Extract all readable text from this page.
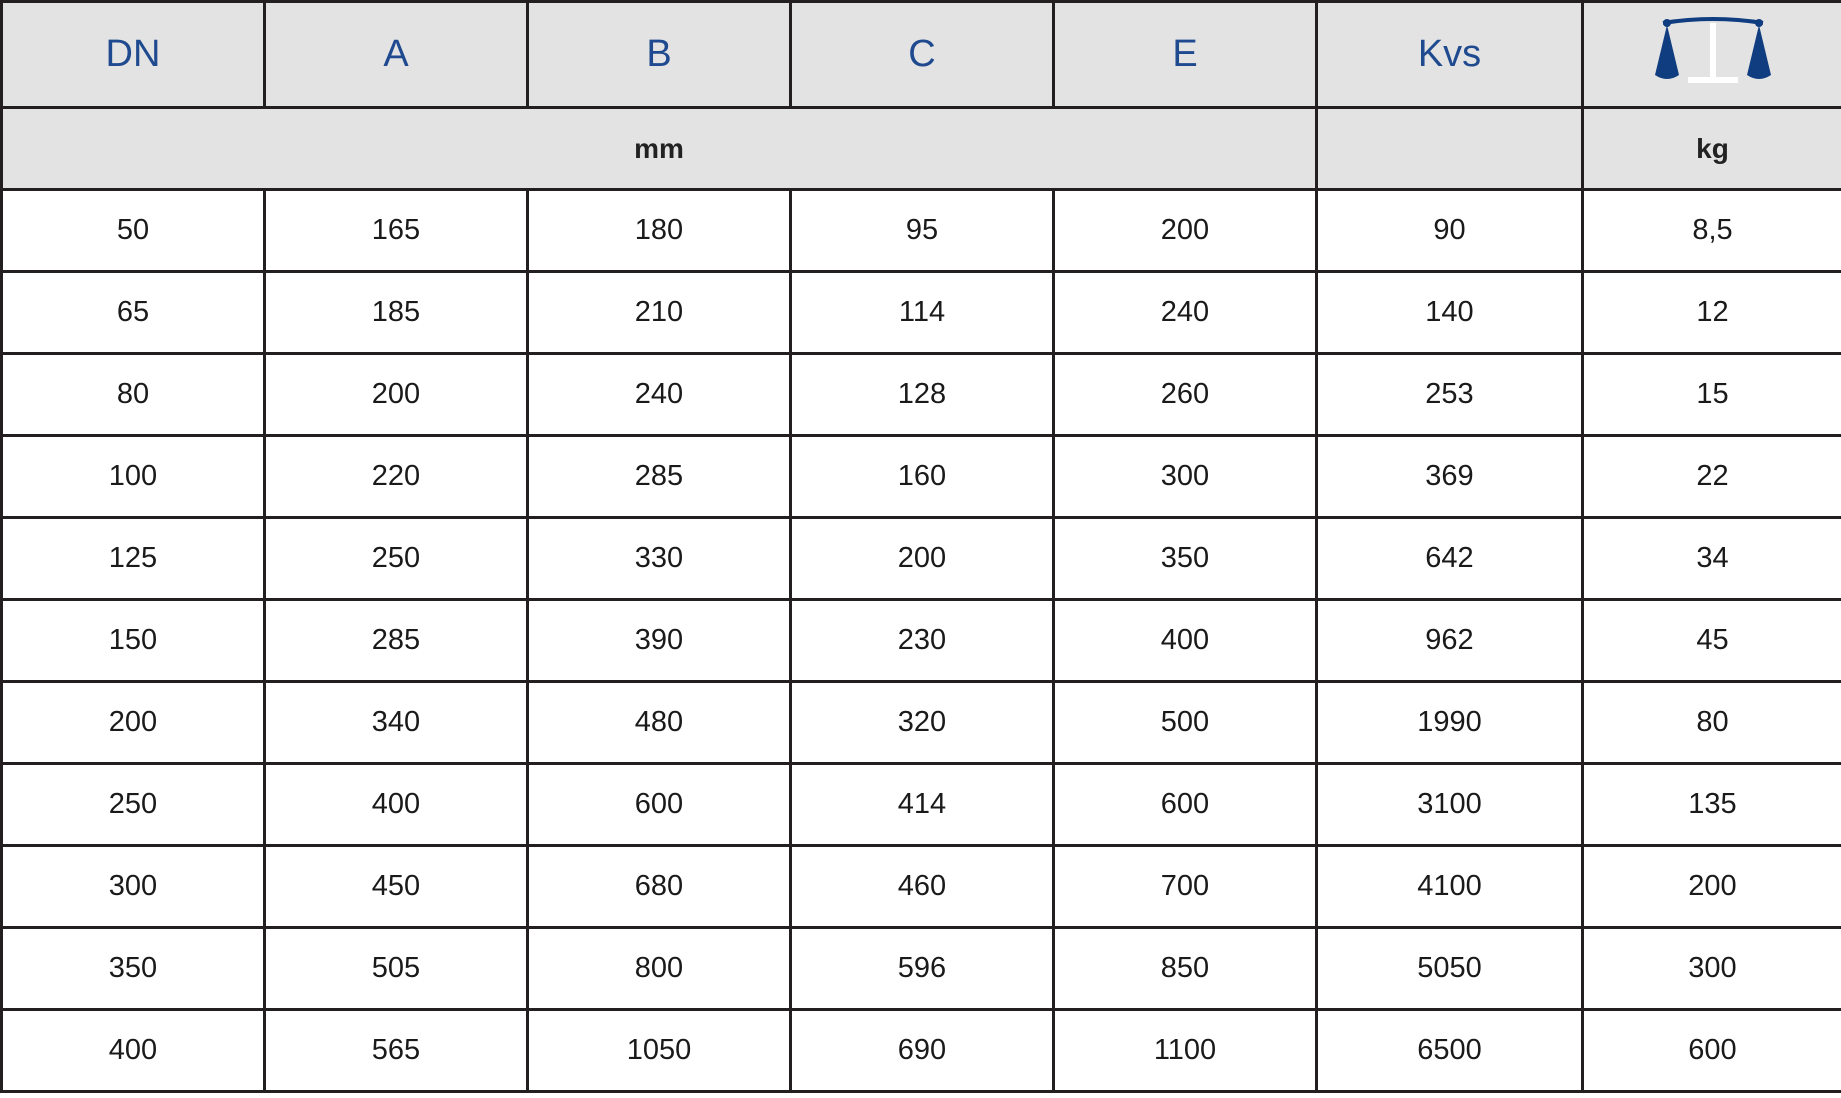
DN	A	B	C	E	Kvs	
mm						kg
50	165	180	95	200	90	8,5
65	185	210	114	240	140	12
80	200	240	128	260	253	15
100	220	285	160	300	369	22
125	250	330	200	350	642	34
150	285	390	230	400	962	45
200	340	480	320	500	1990	80
250	400	600	414	600	3100	135
300	450	680	460	700	4100	200
350	505	800	596	850	5050	300
400	565	1050	690	1100	6500	600
